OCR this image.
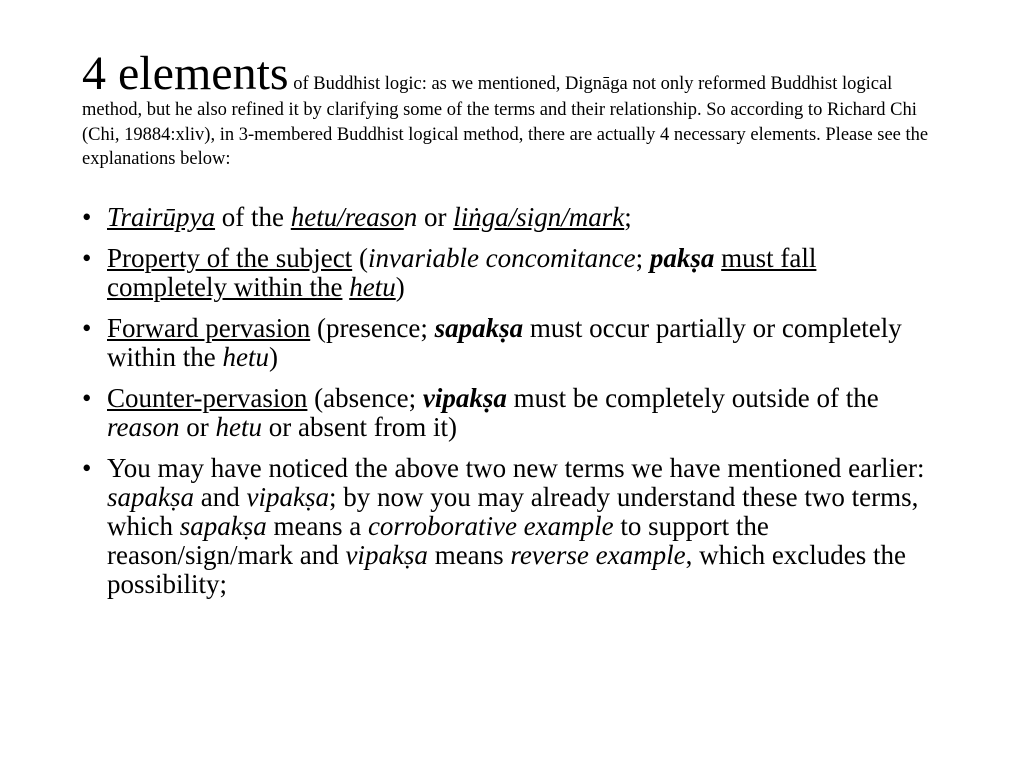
4 elements of Buddhist logic: as we mentioned, Dignāga not only reformed Buddhist logical method, but he also refined it by clarifying some of the terms and their relationship. So according to Richard Chi (Chi, 19884:xliv), in 3-membered Buddhist logical method, there are actually 4 necessary elements. Please see the explanations below:
• Trairūpya of the hetu/reason or liṅga/sign/mark;
• Property of the subject (invariable concomitance; pakṣa must fall completely within the hetu)
• Forward pervasion (presence; sapakṣa must occur partially or completely within the hetu)
• Counter-pervasion (absence; vipakṣa must be completely outside of the reason or hetu or absent from it)
• You may have noticed the above two new terms we have mentioned earlier: sapakṣa and vipakṣa; by now you may already understand these two terms, which sapakṣa means a corroborative example to support the reason/sign/mark and vipakṣa means reverse example, which excludes the possibility;
